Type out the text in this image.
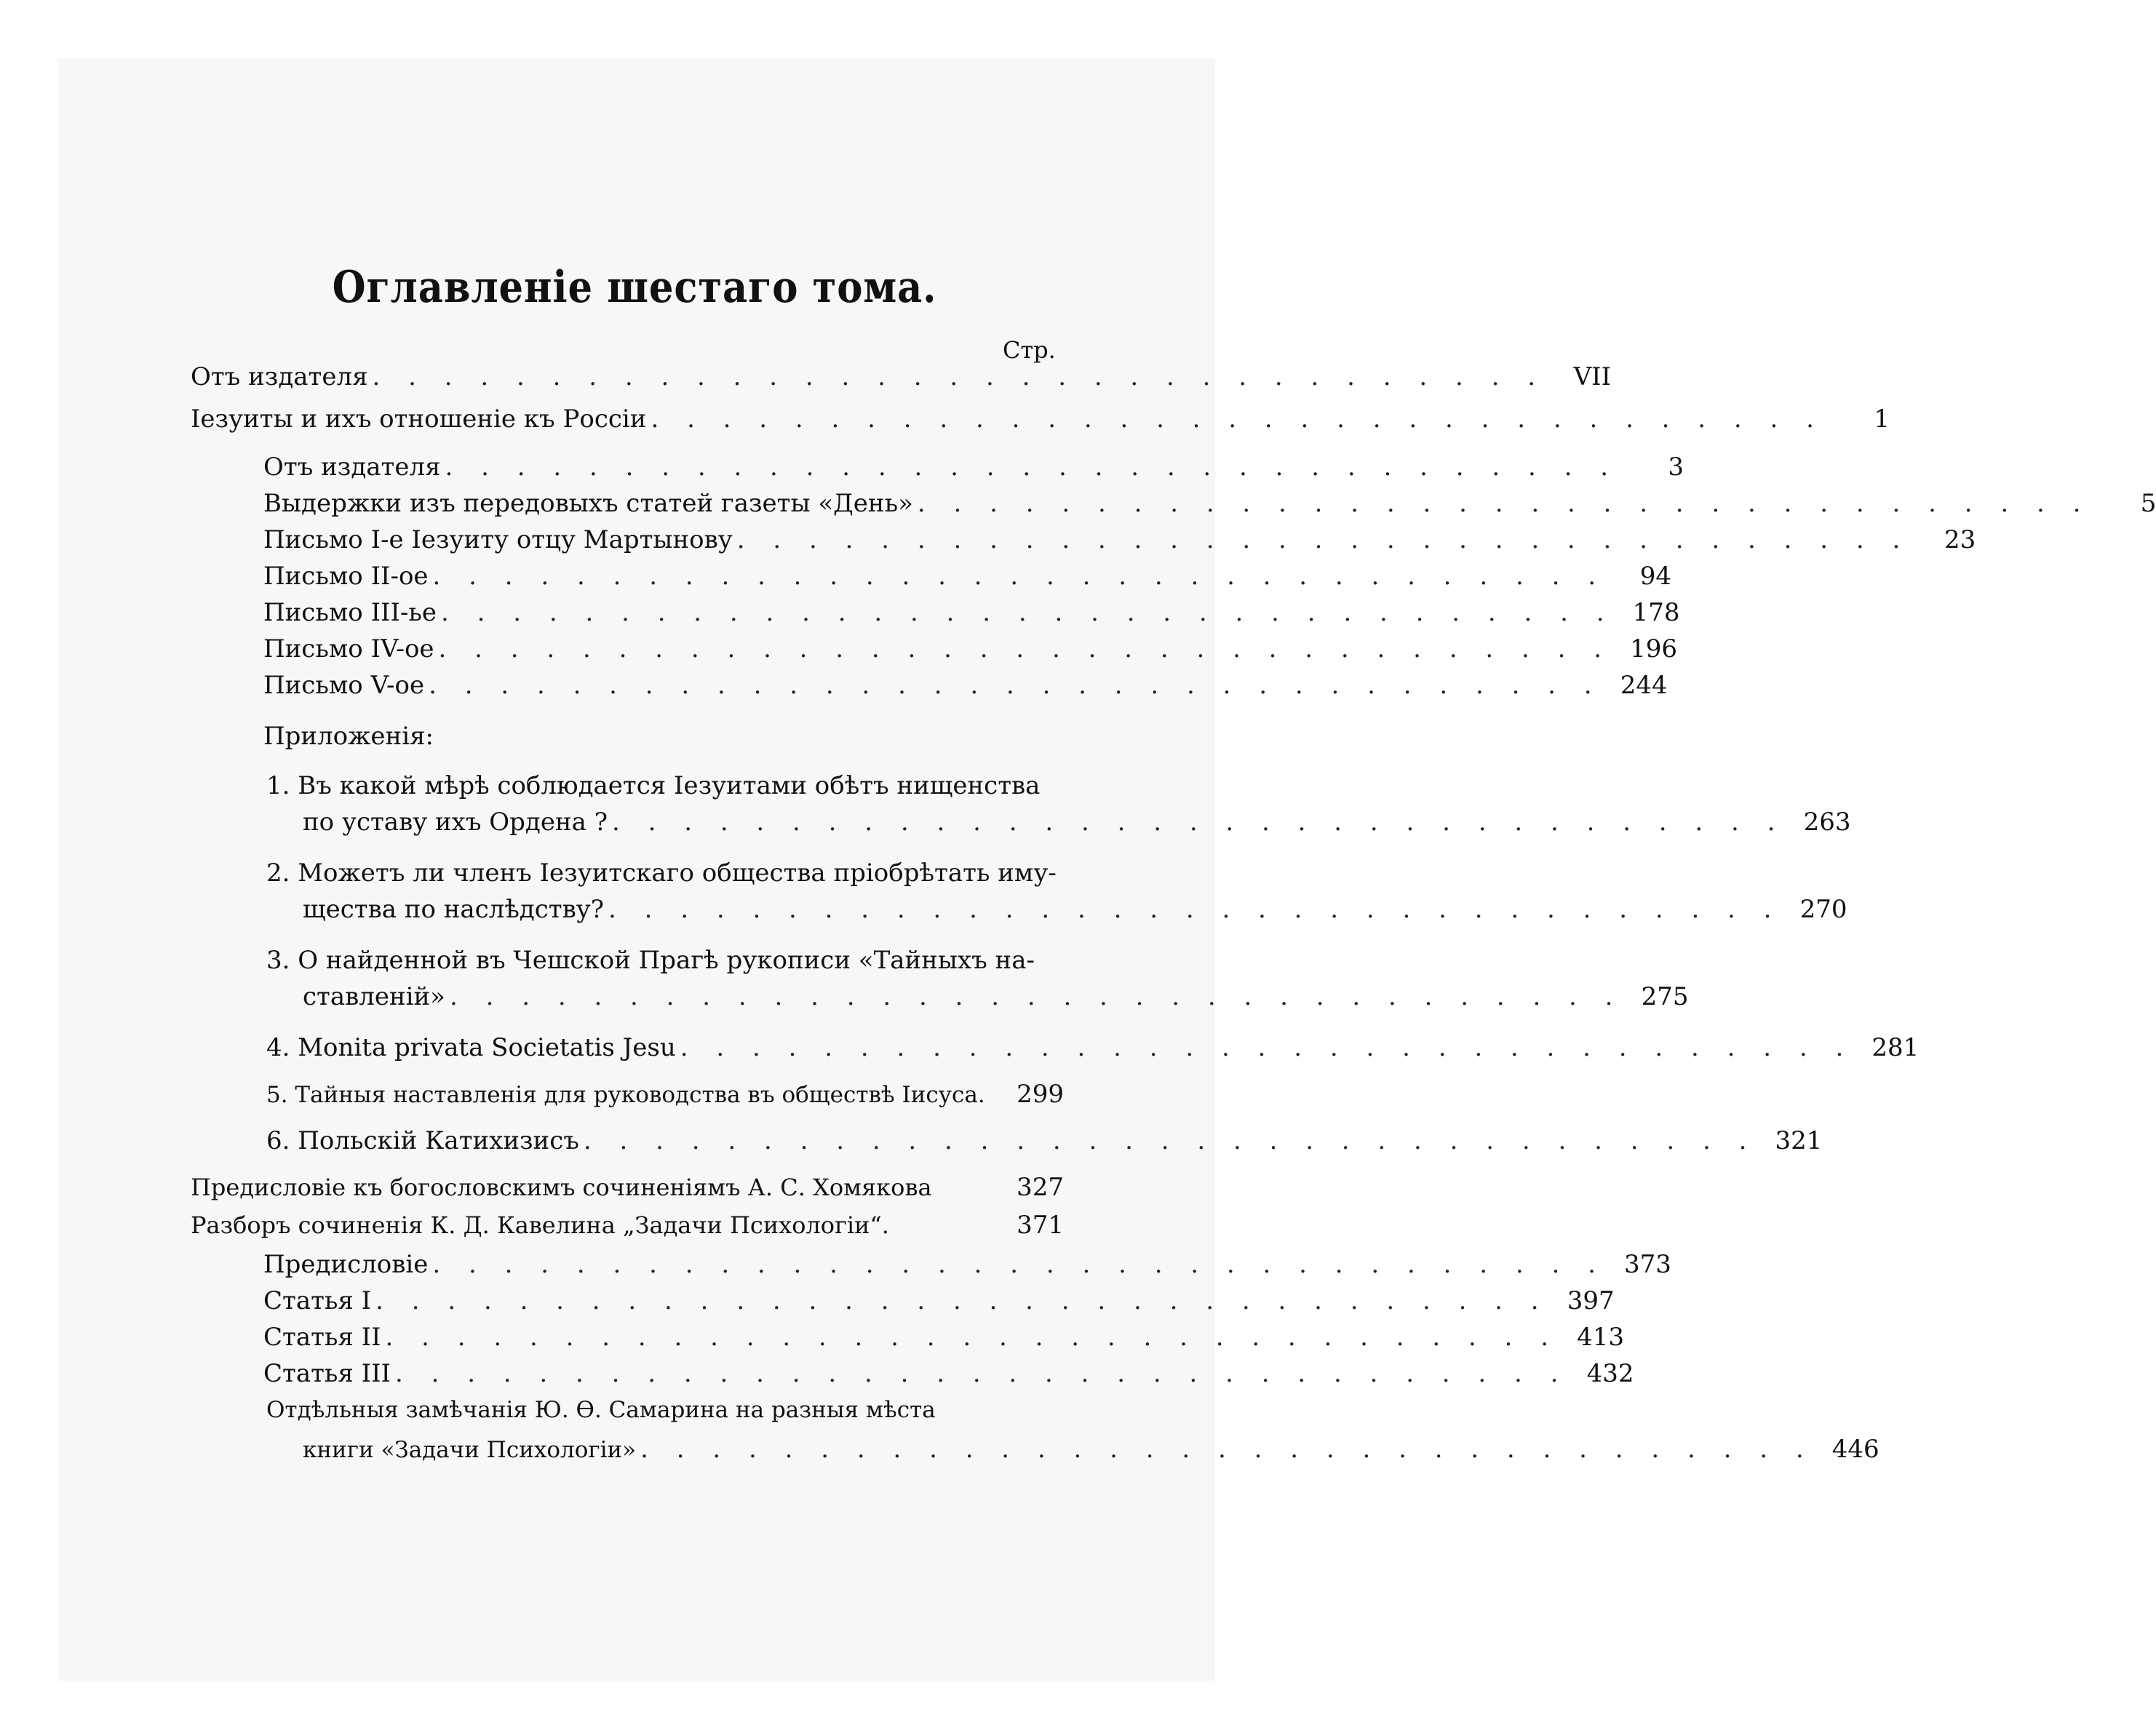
Оглавленіе шестаго тома.
Стр.
Отъ издателя . . . . . . . . . . . . . . . . . . . . . . . . . . . . . . . . .	VII
Іезуиты и ихъ отношеніе къ Россіи . . . . . . . . . . . . . . . . . . . . . . . . . . . . . . . . .	1
Отъ издателя . . . . . . . . . . . . . . . . . . . . . . . . . . . . . . . . .	3
Выдержки изъ передовыхъ статей газеты «День» . . . . . . . . . . . . . . . . . . . . . . . . . . . . . . . . .	5
Письмо I-е Іезуиту отцу Мартынову . . . . . . . . . . . . . . . . . . . . . . . . . . . . . . . . .	23
Письмо II-ое . . . . . . . . . . . . . . . . . . . . . . . . . . . . . . . . .	94
Письмо III-ье . . . . . . . . . . . . . . . . . . . . . . . . . . . . . . . . . 178
Письмо IV-ое . . . . . . . . . . . . . . . . . . . . . . . . . . . . . . . . . 196
Письмо V-ое . . . . . . . . . . . . . . . . . . . . . . . . . . . . . . . . . 244
Приложенія:
1. Въ какой мѣрѣ соблюдается Іезуитами обѣтъ нищенства
по уставу ихъ Ордена ? . . . . . . . . . . . . . . . . . . . . . . . . . . . . . . . . . 263
2. Можетъ ли членъ Іезуитскаго общества пріобрѣтать иму-
щества по наслѣдству? . . . . . . . . . . . . . . . . . . . . . . . . . . . . . . . . . 270
3. О найденной въ Чешской Прагѣ рукописи «Тайныхъ на-
ставленій» . . . . . . . . . . . . . . . . . . . . . . . . . . . . . . . . . 275
4. Monita privata Societatis Jesu . . . . . . . . . . . . . . . . . . . . . . . . . . . . . . . . . 281
5. Тайныя наставленія для руководства въ обществѣ Іисуса.	299
6. Польскій Катихизисъ . . . . . . . . . . . . . . . . . . . . . . . . . . . . . . . . . 321
Предисловіе къ богословскимъ сочиненіямъ А. С. Хомякова	327
Разборъ сочиненія К. Д. Кавелина „Задачи Психологіи“.	371
Предисловіе . . . . . . . . . . . . . . . . . . . . . . . . . . . . . . . . . 373
Статья I . . . . . . . . . . . . . . . . . . . . . . . . . . . . . . . . . 397
Статья II . . . . . . . . . . . . . . . . . . . . . . . . . . . . . . . . . 413
Статья III . . . . . . . . . . . . . . . . . . . . . . . . . . . . . . . . . 432
Отдѣльныя замѣчанія Ю. Ѳ. Самарина на разныя мѣста
книги «Задачи Психологіи» . . . . . . . . . . . . . . . . . . . . . . . . . . . . . . . . . 446
